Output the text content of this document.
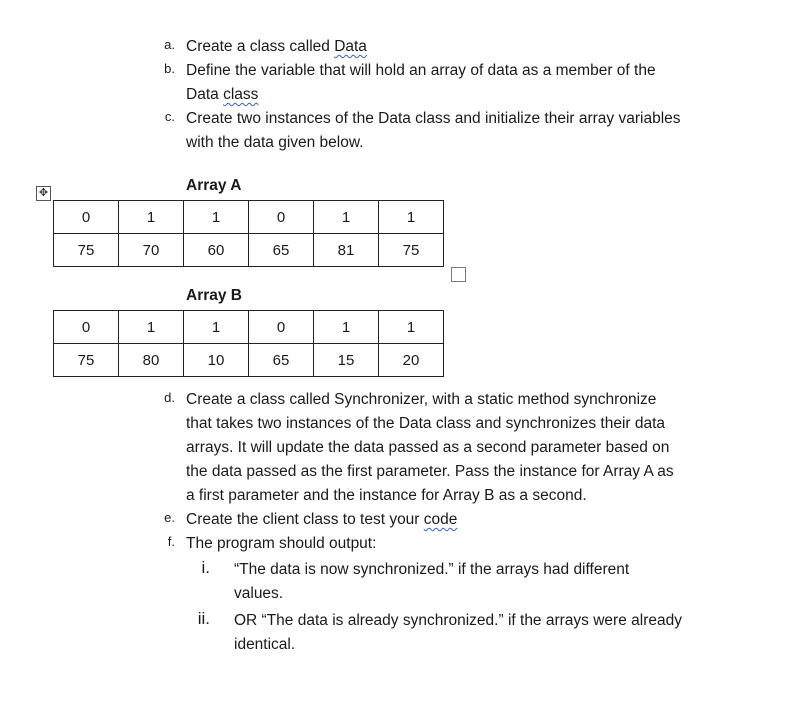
a. Create a class called Data
b. Define the variable that will hold an array of data as a member of the
Data class
c. Create two instances of the Data class and initialize their array variables
with the data given below.
✥	Array A
0	1	1	0	1	1
75	70	60	65	81	75
Array B
0	1	1	0	1	1
75	80	10	65	15	20
d. Create a class called Synchronizer, with a static method synchronize
that takes two instances of the Data class and synchronizes their data
arrays. It will update the data passed as a second parameter based on
the data passed as the first parameter. Pass the instance for Array A as
a first parameter and the instance for Array B as a second.
e. Create the client class to test your code
f. The program should output:
i. “The data is now synchronized.” if the arrays had different
values.
ii. OR “The data is already synchronized.” if the arrays were already
identical.
